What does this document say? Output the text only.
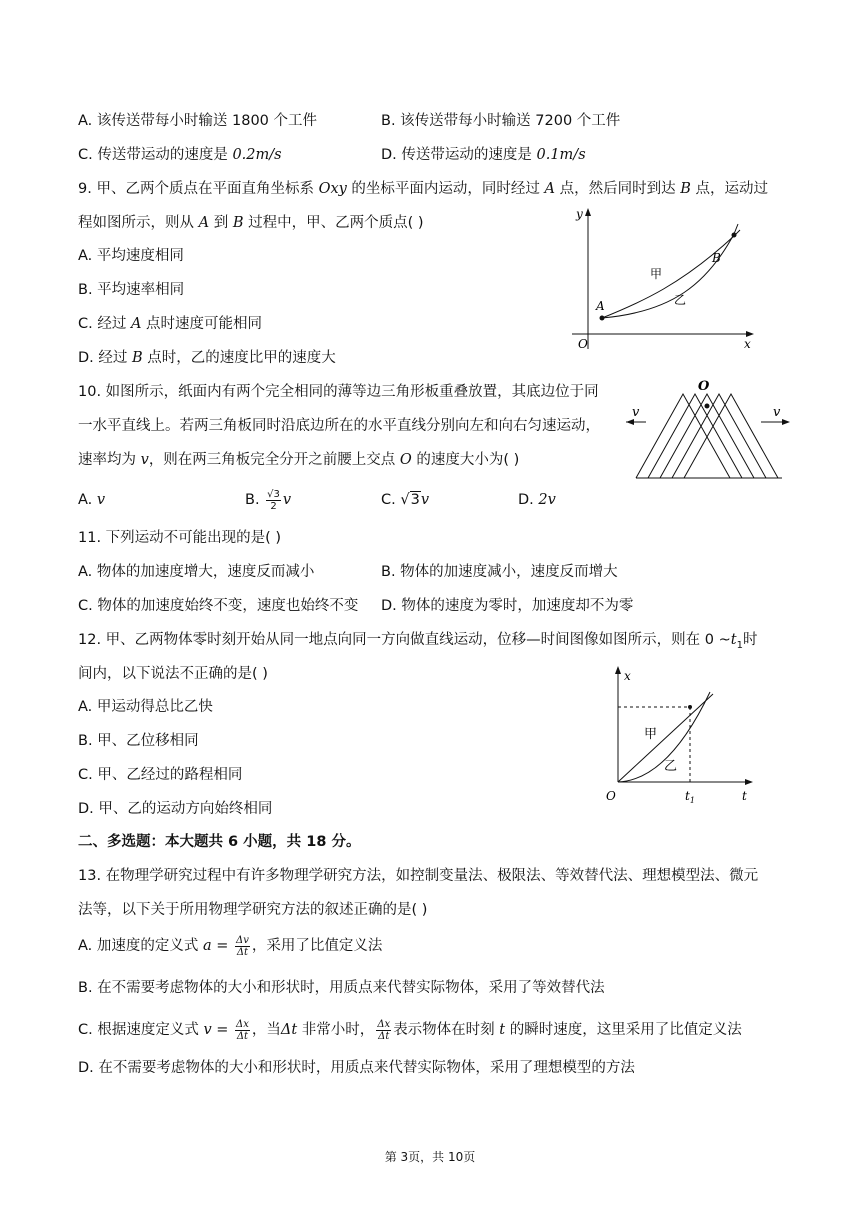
A. 该传送带每小时输送 1800 个工件	B. 该传送带每小时输送 7200 个工件
C. 传送带运动的速度是 0.2m/s	D. 传送带运动的速度是 0.1m/s
9. 甲、乙两个质点在平面直角坐标系 Oxy 的坐标平面内运动，同时经过 A 点，然后同时到达 B 点，运动过
程如图所示，则从 A 到 B 过程中，甲、乙两个质点( )
A. 平均速度相同
B. 平均速率相同
C. 经过 A 点时速度可能相同
D. 经过 B 点时，乙的速度比甲的速度大
y
x
O
A
B
甲
乙
10. 如图所示，纸面内有两个完全相同的薄等边三角形板重叠放置，其底边位于同
一水平直线上。若两三角板同时沿底边所在的水平直线分别向左和向右匀速运动，
速率均为 v，则在两三角板完全分开之前腰上交点 O 的速度大小为( )
A. v	B. $\frac{√3}{2}$ v	C. √3v	D. 2v
O
v	v
11. 下列运动不可能出现的是( )
A. 物体的加速度增大，速度反而减小	B. 物体的加速度减小，速度反而增大
C. 物体的加速度始终不变，速度也始终不变 D. 物体的速度为零时，加速度却不为零
12. 甲、乙两物体零时刻开始从同一地点向同一方向做直线运动，位移—时间图像如图所示，则在 0 $\sim t_1$时
间内，以下说法不正确的是( )
A. 甲运动得总比乙快
B. 甲、乙位移相同
C. 甲、乙经过的路程相同
D. 甲、乙的运动方向始终相同
x
t
O	$t_1$
甲
乙
二、多选题：本大题共 6 小题，共 18 分。
13. 在物理学研究过程中有许多物理学研究方法，如控制变量法、极限法、等效替代法、理想模型法、微元
法等，以下关于所用物理学研究方法的叙述正确的是( )
A. 加速度的定义式 $a = \frac{\Delta v}{\Delta t}$ ，采用了比值定义法
B. 在不需要考虑物体的大小和形状时，用质点来代替实际物体，采用了等效替代法
C. 根据速度定义式 $v = \frac{\Delta x}{\Delta t}$ ，当Δt 非常小时， $\frac{\Delta x}{\Delta t}$ 表示物体在时刻 t 的瞬时速度，这里采用了比值定义法
D. 在不需要考虑物体的大小和形状时，用质点来代替实际物体，采用了理想模型的方法
第 3页，共 10页
